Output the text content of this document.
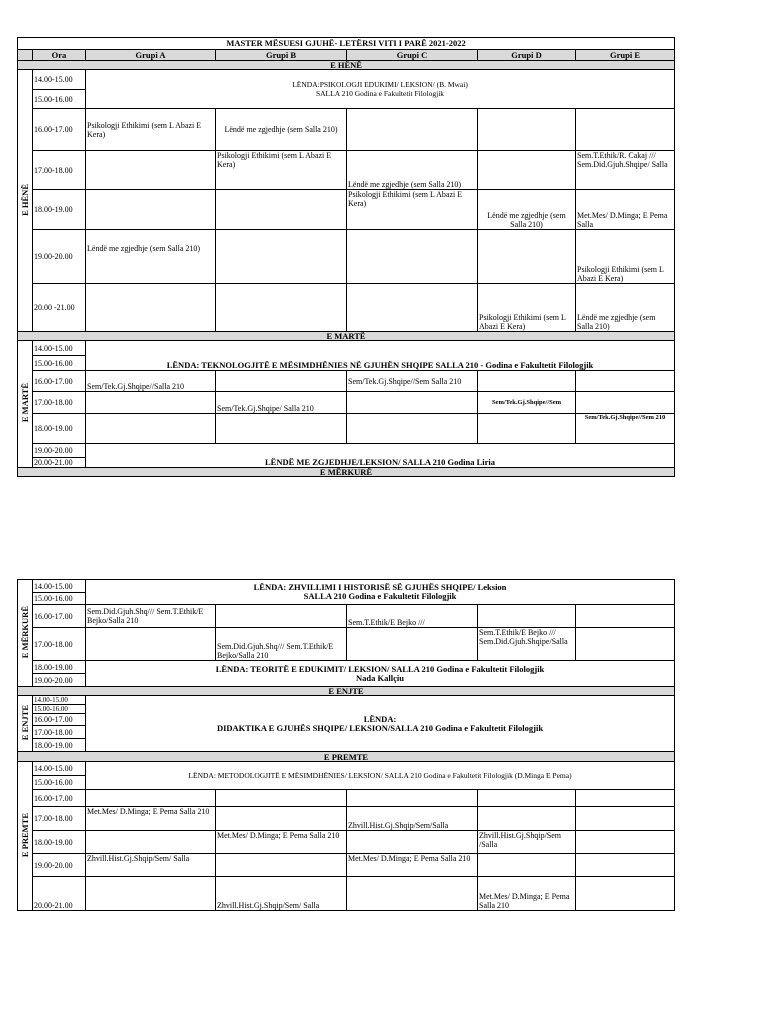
MASTER MËSUESI GJUHË- LETËRSI VITI I PARË 2021-2022						
	Ora	Grupi A	Grupi B	Grupi C	Grupi D	Grupi E
E HËNË						
E HËNË	14.00-15.00	LËNDA:PSIKOLOGJI EDUKIMI/ LEKSION/ (B. Mwai)
SALLA 210 Godina e Fakultetit Filologjik				

	15.00-16.00					
	16.00-17.00	Psikologji Ethikimi (sem L Abazi E Kera)	Lëndë me zgjedhje (sem Salla 210)			
	17.00-18.00		Psikologji Ethikimi (sem L Abazi E Kera)	Lëndë me zgjedhje (sem Salla 210)		Sem.T.Ethik/R. Cakaj /// Sem.Did.Gjuh.Shqipe/ Salla
	18.00-19.00			Psikologji Ethikimi (sem L Abazi E Kera)	Lëndë me zgjedhje (sem Salla 210)	Met.Mes/ D.Minga; E Pema Salla
	19.00-20.00	Lëndë me zgjedhje (sem Salla 210)				Psikologji Ethikimi (sem L Abazi E Kera)
	20.00 -21.00				Psikologji Ethikimi (sem L Abazi E Kera)	Lëndë me zgjedhje (sem Salla 210)
E MARTË						
E MARTË	14.00-15.00	LËNDA: TEKNOLOGJITË E MËSIMDHËNIES NË GJUHËN SHQIPE SALLA 210 - Godina e Fakultetit Filologjik				
	15.00-16.00					
	16.00-17.00	Sem/Tek.Gj.Shqipe//Salla 210		Sem/Tek.Gj.Shqipe//Sem Salla 210		
	17.00-18.00		Sem/Tek.Gj.Shqipe/ Salla 210		Sem/Tek.Gj.Shqipe//Sem	
	18.00-19.00					Sem/Tek.Gj.Shqipe//Sem 210
	19.00-20.00	LËNDË ME ZGJEDHJE/LEKSION/ SALLA 210 Godina Liria				
	20.00-21.00					
E MËRKURË						
E MËRKURË	14.00-15.00	LËNDA: ZHVILLIMI I HISTORISË SË GJUHËS SHQIPE/ Leksion
SALLA 210 Godina e Fakultetit Filologjik				

	15.00-16.00					
	16.00-17.00	Sem.Did.Gjuh.Shq/// Sem.T.Ethik/E Bejko/Salla 210		Sem.T.Ethik/E Bejko ///		
	17.00-18.00		Sem.Did.Gjuh.Shq/// Sem.T.Ethik/E Bejko/Salla 210		Sem.T.Ethik/E Bejko /// Sem.Did.Gjuh.Shqipe/Salla	
	18.00-19.00	LËNDA: TEORITË E EDUKIMIT/ LEKSION/ SALLA 210 Godina e Fakultetit Filologjik
Nada Kallçiu				

	19.00-20.00					
E ENJTE						
E ENJTE	14.00-15.00	LËNDA:
DIDAKTIKA E GJUHËS SHQIPE/ LEKSION/SALLA 210 Godina e Fakultetit Filologjik				

	15.00-16.00					
	16.00-17.00					
	17.00-18.00					
	18.00-19.00					
E PREMTE						
E PREMTE	14.00-15.00	LËNDA: METODOLOGJITË E MËSIMDHËNIES/ LEKSION/ SALLA 210 Godina e Fakultetit Filologjik (D.Minga E Pema)				
	15.00-16.00					
	16.00-17.00					
	17.00-18.00	Met.Mes/ D.Minga; E Pema Salla 210		Zhvill.Hist.Gj.Shqip/Sem/Salla		
	18.00-19.00		Met.Mes/ D.Minga; E Pema Salla 210		Zhvill.Hist.Gj.Shqip/Sem /Salla	
	19.00-20.00	Zhvill.Hist.Gj.Shqip/Sem/ Salla		Met.Mes/ D.Minga; E Pema Salla 210		
	20.00-21.00		Zhvill.Hist.Gj.Shqip/Sem/ Salla		Met.Mes/ D.Minga; E Pema Salla 210	
